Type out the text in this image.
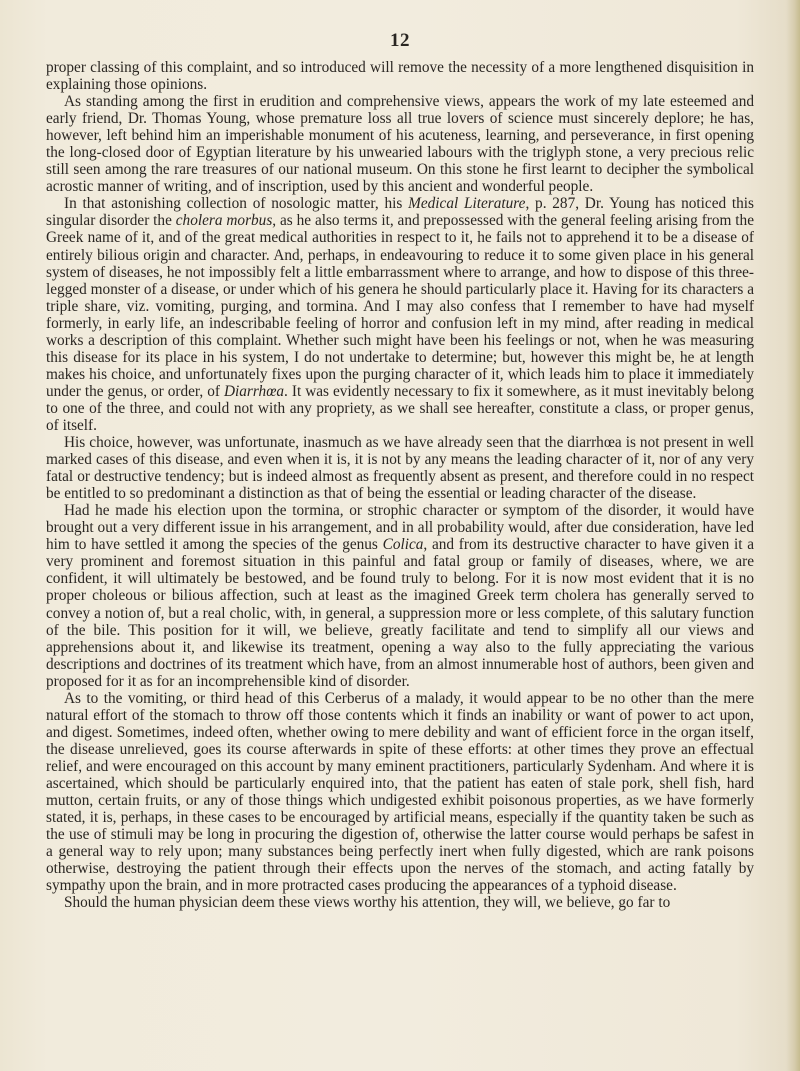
12

proper classing of this complaint, and so introduced will remove the necessity of a more lengthened disquisition in explaining those opinions.

As standing among the first in erudition and comprehensive views, appears the work of my late esteemed and early friend, Dr. Thomas Young, whose premature loss all true lovers of science must sincerely deplore; he has, however, left behind him an imperishable monument of his acuteness, learning, and perseverance, in first opening the long-closed door of Egyptian literature by his unwearied labours with the triglyph stone, a very precious relic still seen among the rare treasures of our national museum. On this stone he first learnt to decipher the symbolical acrostic manner of writing, and of inscription, used by this ancient and wonderful people.

In that astonishing collection of nosologic matter, his Medical Literature, p. 287, Dr. Young has noticed this singular disorder the cholera morbus, as he also terms it, and prepossessed with the general feeling arising from the Greek name of it, and of the great medical authorities in respect to it, he fails not to apprehend it to be a disease of entirely bilious origin and character. And, perhaps, in endeavouring to reduce it to some given place in his general system of diseases, he not impossibly felt a little embarrassment where to arrange, and how to dispose of this three-legged monster of a disease, or under which of his genera he should particularly place it. Having for its characters a triple share, viz. vomiting, purging, and tormina. And I may also confess that I remember to have had myself formerly, in early life, an indescribable feeling of horror and confusion left in my mind, after reading in medical works a description of this complaint. Whether such might have been his feelings or not, when he was measuring this disease for its place in his system, I do not undertake to determine; but, however this might be, he at length makes his choice, and unfortunately fixes upon the purging character of it, which leads him to place it immediately under the genus, or order, of Diarrhœa. It was evidently necessary to fix it somewhere, as it must inevitably belong to one of the three, and could not with any propriety, as we shall see hereafter, constitute a class, or proper genus, of itself.

His choice, however, was unfortunate, inasmuch as we have already seen that the diarrhœa is not present in well marked cases of this disease, and even when it is, it is not by any means the leading character of it, nor of any very fatal or destructive tendency; but is indeed almost as frequently absent as present, and therefore could in no respect be entitled to so predominant a distinction as that of being the essential or leading character of the disease.

Had he made his election upon the tormina, or strophic character or symptom of the disorder, it would have brought out a very different issue in his arrangement, and in all probability would, after due consideration, have led him to have settled it among the species of the genus Colica, and from its destructive character to have given it a very prominent and foremost situation in this painful and fatal group or family of diseases, where, we are confident, it will ultimately be bestowed, and be found truly to belong. For it is now most evident that it is no proper choleous or bilious affection, such at least as the imagined Greek term cholera has generally served to convey a notion of, but a real cholic, with, in general, a suppression more or less complete, of this salutary function of the bile. This position for it will, we believe, greatly facilitate and tend to simplify all our views and apprehensions about it, and likewise its treatment, opening a way also to the fully appreciating the various descriptions and doctrines of its treatment which have, from an almost innumerable host of authors, been given and proposed for it as for an incomprehensible kind of disorder.

As to the vomiting, or third head of this Cerberus of a malady, it would appear to be no other than the mere natural effort of the stomach to throw off those contents which it finds an inability or want of power to act upon, and digest. Sometimes, indeed often, whether owing to mere debility and want of efficient force in the organ itself, the disease unrelieved, goes its course afterwards in spite of these efforts: at other times they prove an effectual relief, and were encouraged on this account by many eminent practitioners, particularly Sydenham. And where it is ascertained, which should be particularly enquired into, that the patient has eaten of stale pork, shell fish, hard mutton, certain fruits, or any of those things which undigested exhibit poisonous properties, as we have formerly stated, it is, perhaps, in these cases to be encouraged by artificial means, especially if the quantity taken be such as the use of stimuli may be long in procuring the digestion of, otherwise the latter course would perhaps be safest in a general way to rely upon; many substances being perfectly inert when fully digested, which are rank poisons otherwise, destroying the patient through their effects upon the nerves of the stomach, and acting fatally by sympathy upon the brain, and in more protracted cases producing the appearances of a typhoid disease.

Should the human physician deem these views worthy his attention, they will, we believe, go far to
